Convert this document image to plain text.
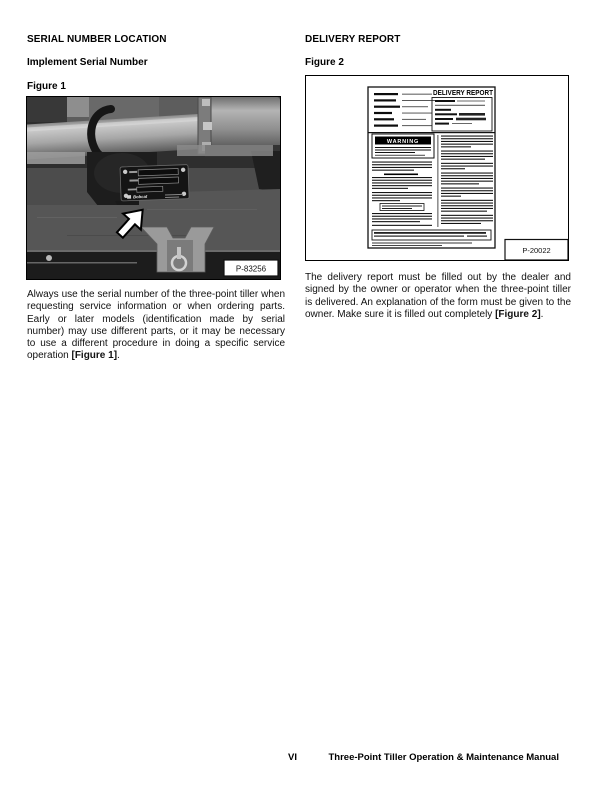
SERIAL NUMBER LOCATION
Implement Serial Number
Figure 1
Bobcat
P-83256

Always use the serial number of the three-point tiller when requesting service information or when ordering parts. Early or later models (identification made by serial number) may use different parts, or it may be necessary to use a different procedure in doing a specific service operation [Figure 1].

DELIVERY REPORT
Figure 2
DELIVERY REPORT
WARNING
P-20022

The delivery report must be filled out by the dealer and signed by the owner or operator when the three-point tiller is delivered. An explanation of the form must be given to the owner. Make sure it is filled out completely [Figure 2].

VI	Three-Point Tiller Operation & Maintenance Manual
